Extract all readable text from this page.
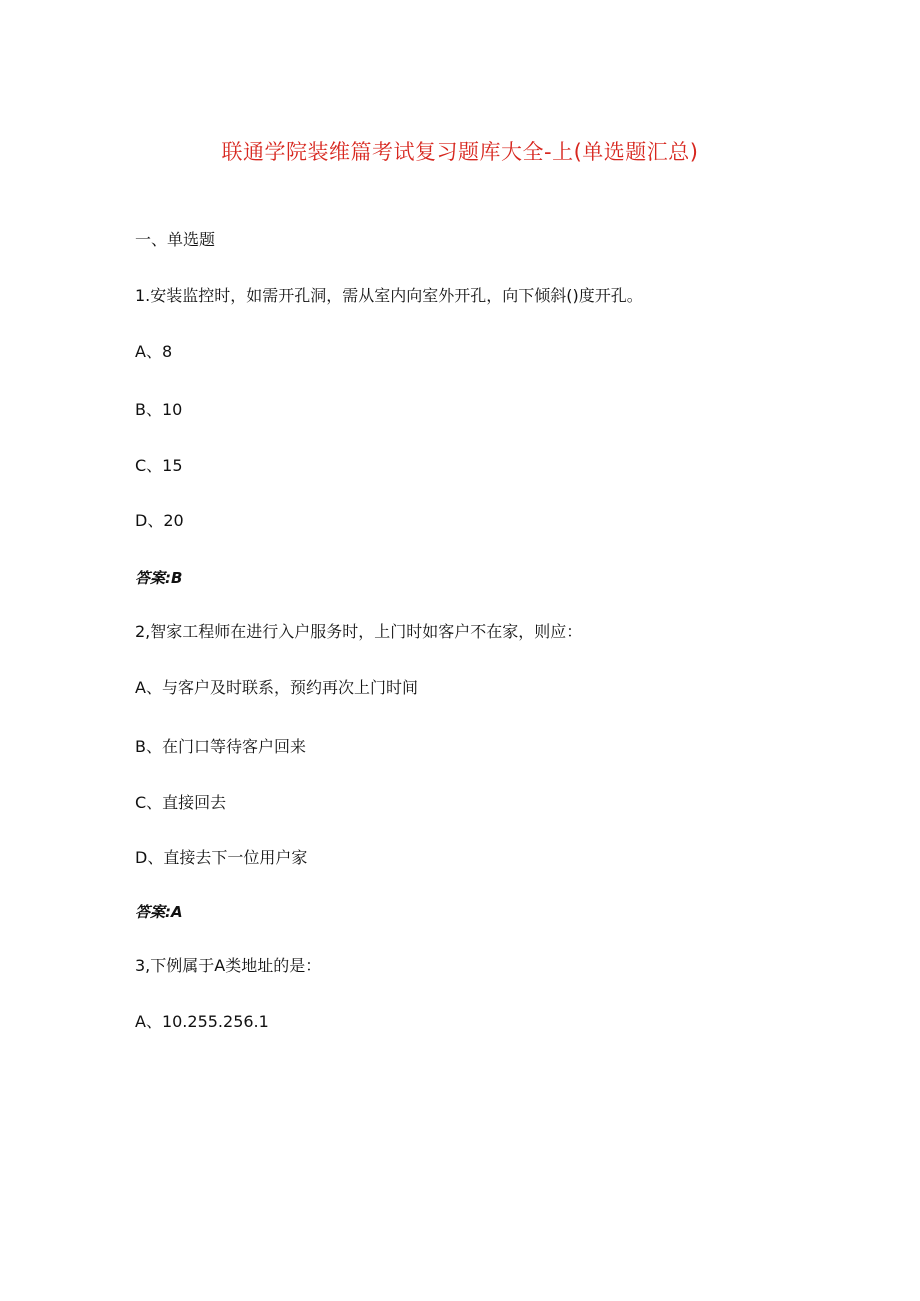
联通学院装维篇考试复习题库大全-上(单选题汇总)
一、单选题
1.安装监控时，如需开孔洞，需从室内向室外开孔，向下倾斜()度开孔。
A、8
B、10
C、15
D、20
答案:B
2,智家工程师在进行入户服务时，上门时如客户不在家，则应：
A、与客户及时联系，预约再次上门时间
B、在门口等待客户回来
C、直接回去
D、直接去下一位用户家
答案:A
3,下例属于A类地址的是：
A、10.255.256.1
